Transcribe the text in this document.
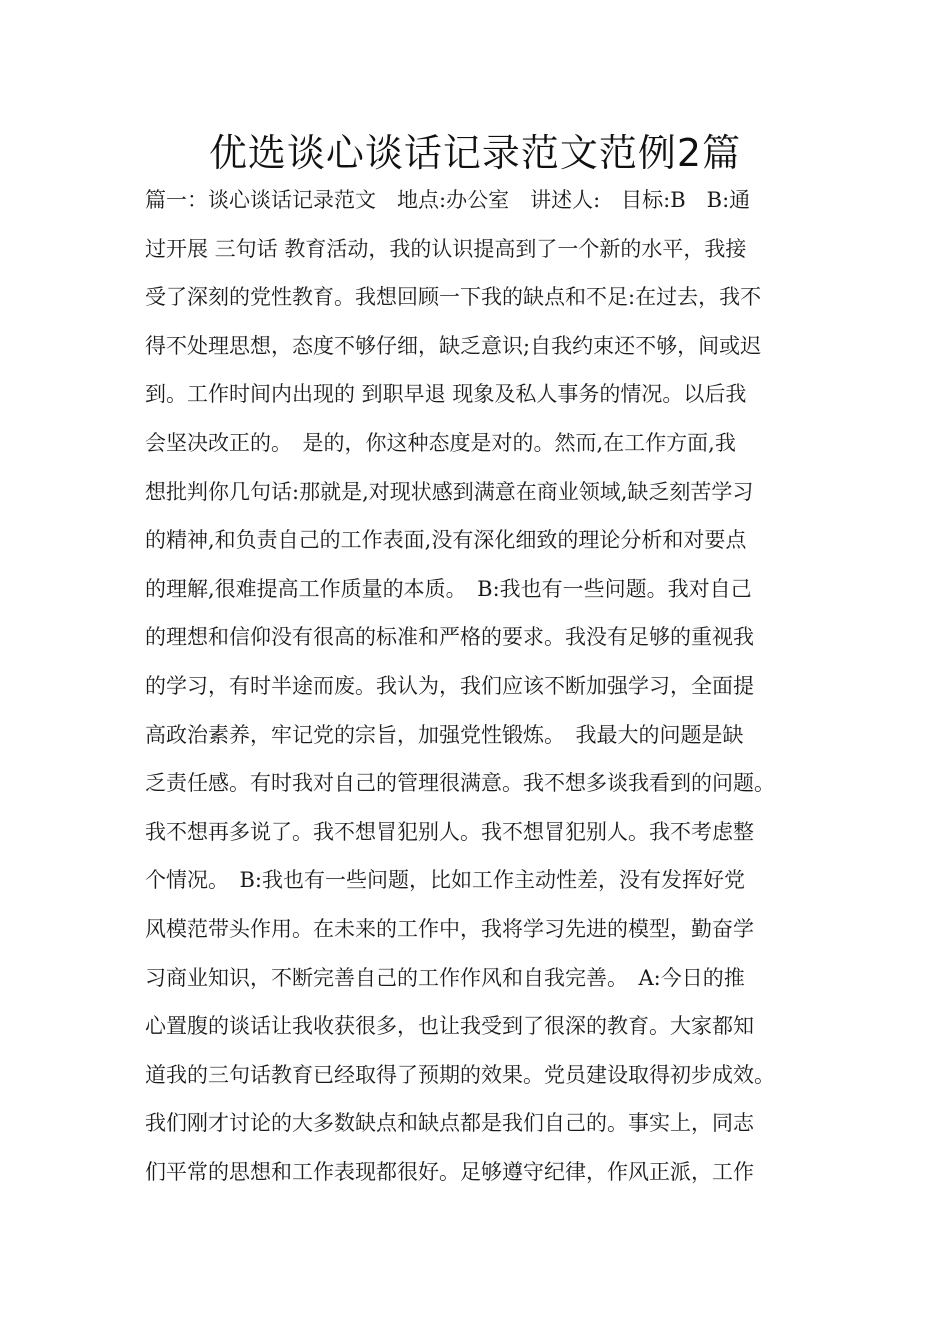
优选谈心谈话记录范文范例2篇
篇一：谈心谈话记录范文　地点:办公室　讲述人:　目标:B　B:通
过开展 三句话 教育活动，我的认识提高到了一个新的水平，我接
受了深刻的党性教育。我想回顾一下我的缺点和不足:在过去，我不
得不处理思想，态度不够仔细，缺乏意识;自我约束还不够，间或迟
到。工作时间内出现的 到职早退 现象及私人事务的情况。以后我
会坚决改正的。　是的，你这种态度是对的。然而,在工作方面,我
想批判你几句话:那就是,对现状感到满意在商业领域,缺乏刻苦学习
的精神,和负责自己的工作表面,没有深化细致的理论分析和对要点
的理解,很难提高工作质量的本质。　B:我也有一些问题。我对自己
的理想和信仰没有很高的标准和严格的要求。我没有足够的重视我
的学习，有时半途而废。我认为，我们应该不断加强学习，全面提
高政治素养，牢记党的宗旨，加强党性锻炼。　我最大的问题是缺
乏责任感。有时我对自己的管理很满意。我不想多谈我看到的问题。
我不想再多说了。我不想冒犯别人。我不想冒犯别人。我不考虑整
个情况。　B:我也有一些问题，比如工作主动性差，没有发挥好党
风模范带头作用。在未来的工作中，我将学习先进的模型，勤奋学
习商业知识，不断完善自己的工作作风和自我完善。　A:今日的推
心置腹的谈话让我收获很多，也让我受到了很深的教育。大家都知
道我的三句话教育已经取得了预期的效果。党员建设取得初步成效。
我们刚才讨论的大多数缺点和缺点都是我们自己的。事实上，同志
们平常的思想和工作表现都很好。足够遵守纪律，作风正派，工作
